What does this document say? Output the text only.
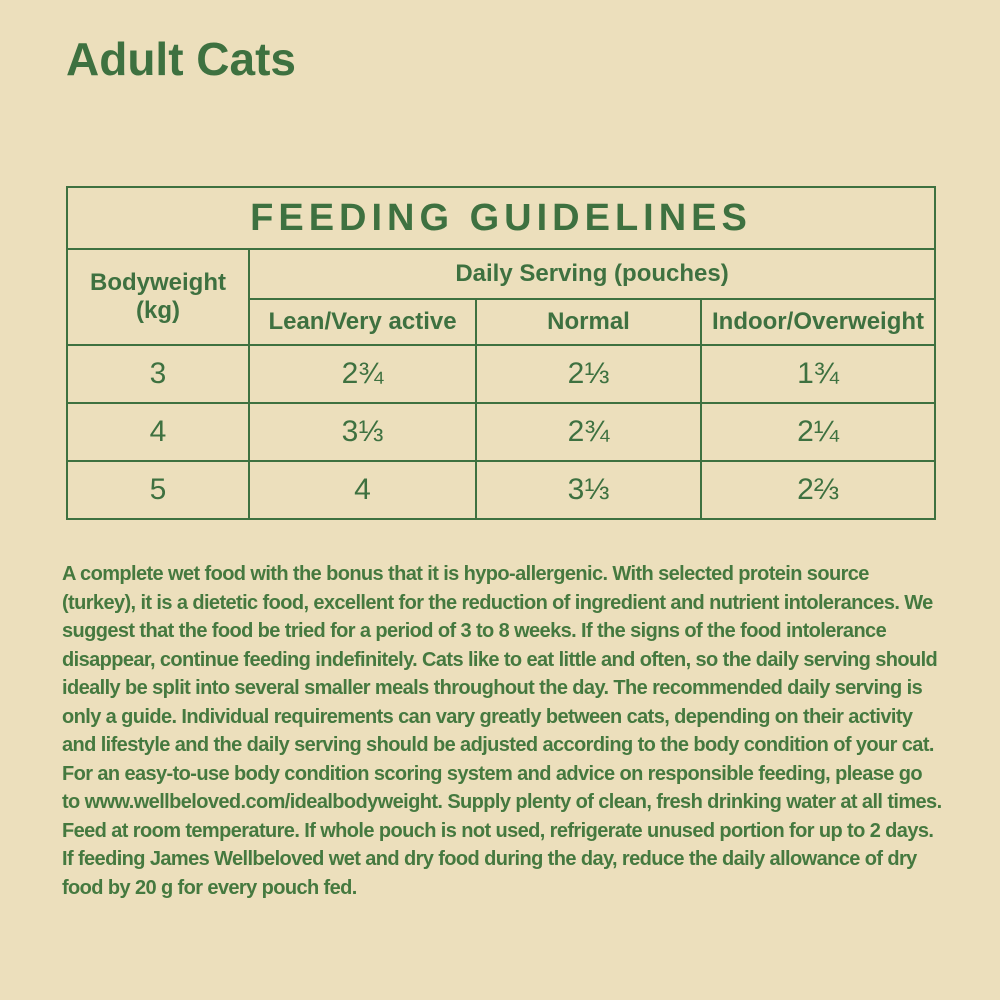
Adult Cats
FEEDING GUIDELINES			
Bodyweight (kg)	Daily Serving (pouches)		
	Lean/Very active	Normal	Indoor/Overweight
3	2¾	2⅓	1¾
4	3⅓	2¾	2¼
5	4	3⅓	2⅔
A complete wet food with the bonus that it is hypo-allergenic. With selected protein source (turkey), it is a dietetic food, excellent for the reduction of ingredient and nutrient intolerances. We suggest that the food be tried for a period of 3 to 8 weeks. If the signs of the food intolerance disappear, continue feeding indefinitely. Cats like to eat little and often, so the daily serving should ideally be split into several smaller meals throughout the day. The recommended daily serving is only a guide. Individual requirements can vary greatly between cats, depending on their activity and lifestyle and the daily serving should be adjusted according to the body condition of your cat. For an easy-to-use body condition scoring system and advice on responsible feeding, please go to www.wellbeloved.com/idealbodyweight. Supply plenty of clean, fresh drinking water at all times. Feed at room temperature. If whole pouch is not used, refrigerate unused portion for up to 2 days. If feeding James Wellbeloved wet and dry food during the day, reduce the daily allowance of dry food by 20 g for every pouch fed.
